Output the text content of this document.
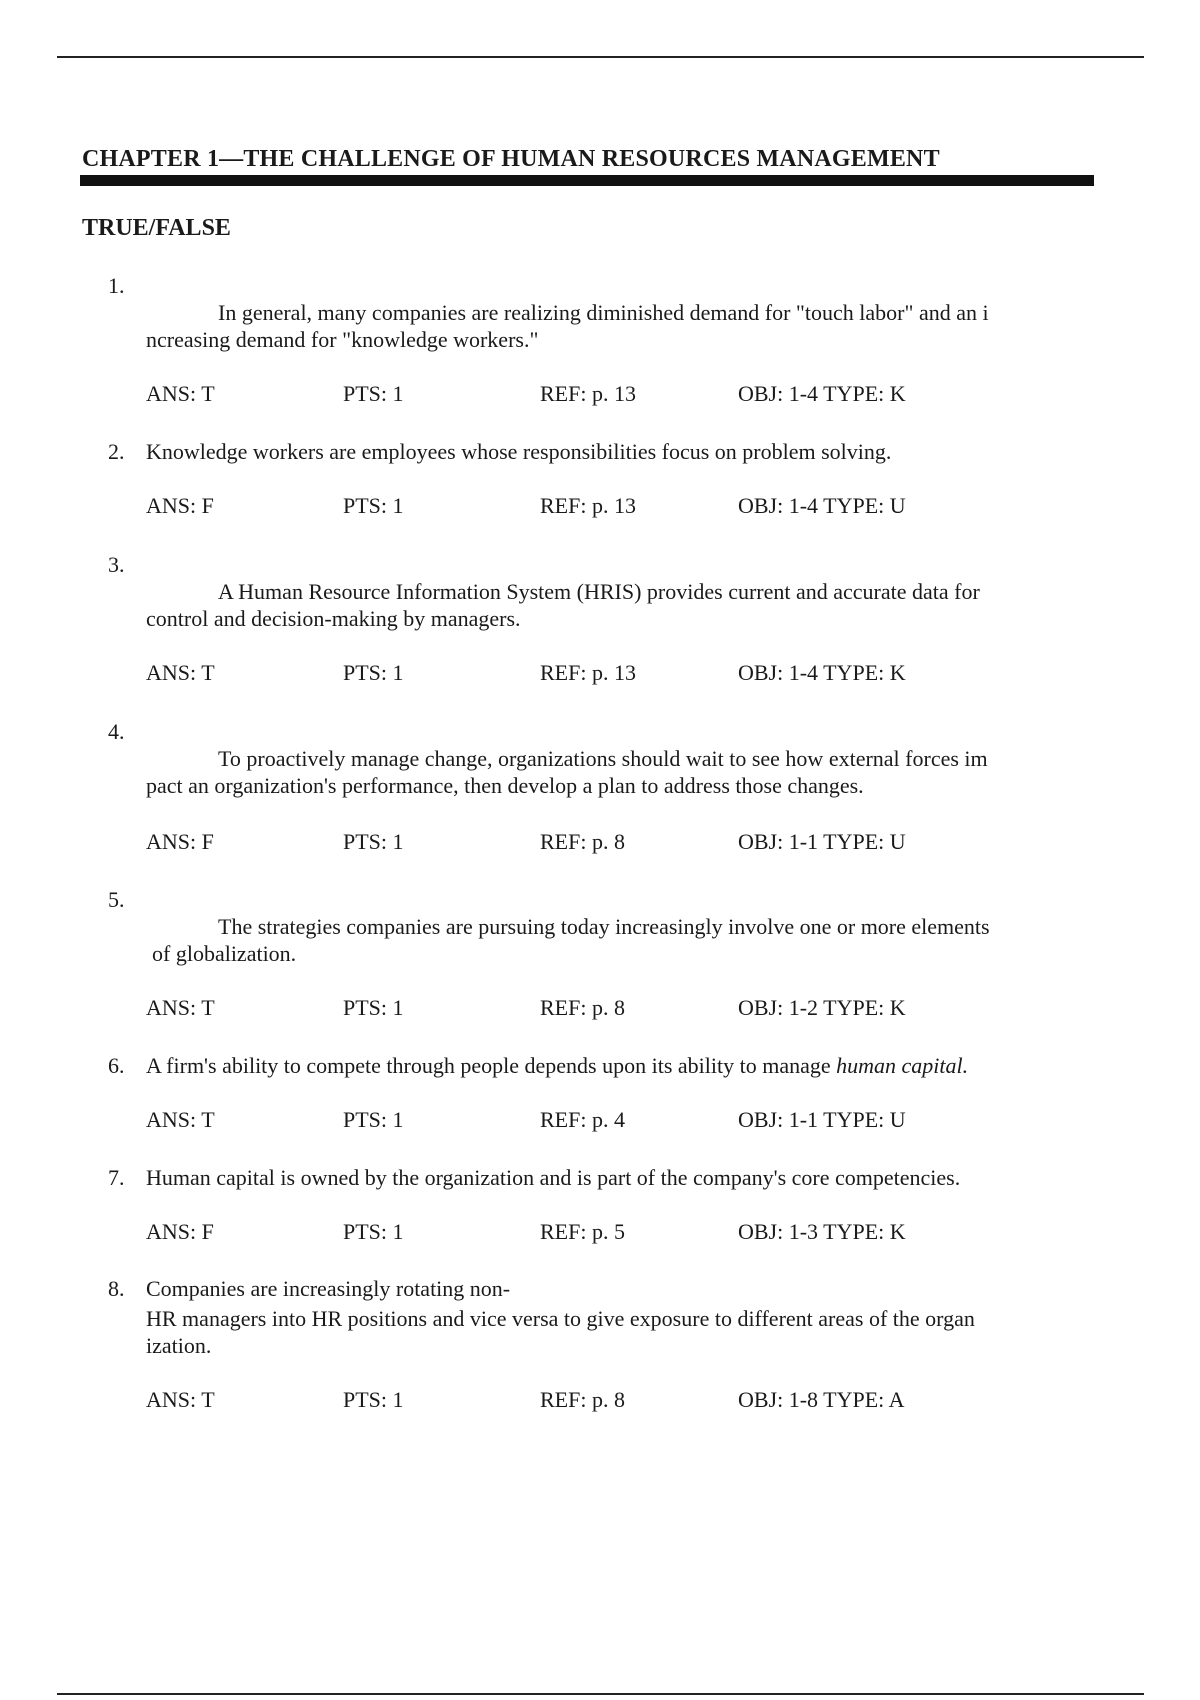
CHAPTER 1—THE CHALLENGE OF HUMAN RESOURCES MANAGEMENT
TRUE/FALSE
1.
In general, many companies are realizing diminished demand for "touch labor" and an i
ncreasing demand for "knowledge workers."
ANS: T	PTS: 1	REF: p. 13	OBJ: 1-4 TYPE: K
2. Knowledge workers are employees whose responsibilities focus on problem solving.
ANS: F	PTS: 1	REF: p. 13	OBJ: 1-4 TYPE: U
3.
A Human Resource Information System (HRIS) provides current and accurate data for
control and decision-making by managers.
ANS: T	PTS: 1	REF: p. 13	OBJ: 1-4 TYPE: K
4.
To proactively manage change, organizations should wait to see how external forces im
pact an organization's performance, then develop a plan to address those changes.
ANS: F	PTS: 1	REF: p. 8	OBJ: 1-1 TYPE: U
5.
The strategies companies are pursuing today increasingly involve one or more elements
of globalization.
ANS: T	PTS: 1	REF: p. 8	OBJ: 1-2 TYPE: K
6. A firm's ability to compete through people depends upon its ability to manage human capital.
ANS: T	PTS: 1	REF: p. 4	OBJ: 1-1 TYPE: U
7. Human capital is owned by the organization and is part of the company's core competencies.
ANS: F	PTS: 1	REF: p. 5	OBJ: 1-3 TYPE: K
8. Companies are increasingly rotating non-
HR managers into HR positions and vice versa to give exposure to different areas of the organ
ization.
ANS: T	PTS: 1	REF: p. 8	OBJ: 1-8 TYPE: A
